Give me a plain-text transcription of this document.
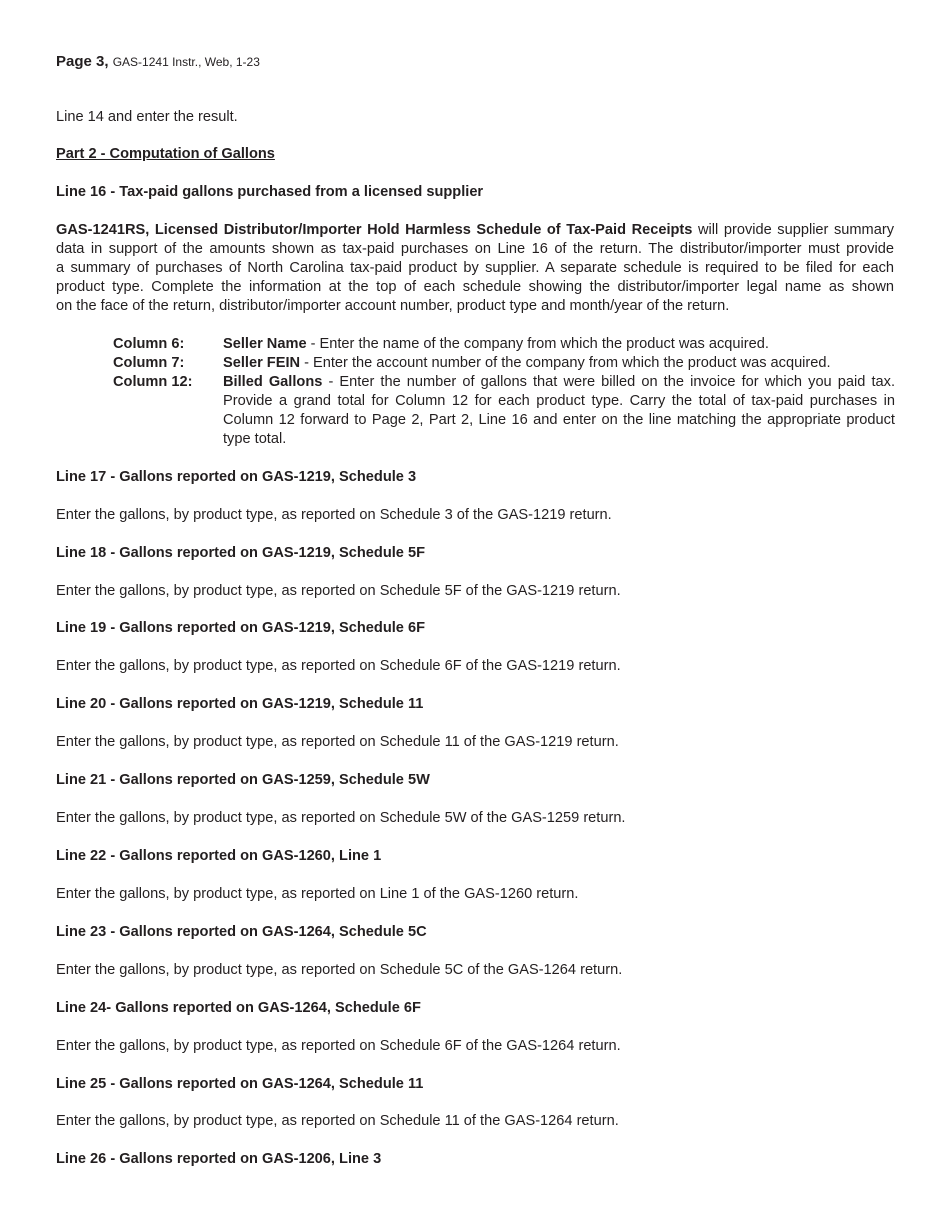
Page 3, GAS-1241 Instr., Web, 1-23
Line 14 and enter the result.
Part 2 - Computation of Gallons
Line 16 - Tax-paid gallons purchased from a licensed supplier
GAS-1241RS, Licensed Distributor/Importer Hold Harmless Schedule of Tax-Paid Receipts will provide supplier summary
data in support of the amounts shown as tax-paid purchases on Line 16 of the return. The distributor/importer must provide
a summary of purchases of North Carolina tax-paid product by supplier. A separate schedule is required to be filed for each
product type. Complete the information at the top of each schedule showing the distributor/importer legal name as shown
on the face of the return, distributor/importer account number, product type and month/year of the return.
Column 6:	Seller Name - Enter the name of the company from which the product was acquired.
Column 7:	Seller FEIN - Enter the account number of the company from which the product was acquired.
Column 12: Billed Gallons - Enter the number of gallons that were billed on the invoice for which you paid tax.
Provide a grand total for Column 12 for each product type. Carry the total of tax-paid purchases in
Column 12 forward to Page 2, Part 2, Line 16 and enter on the line matching the appropriate product
type total.
Line 17 - Gallons reported on GAS-1219, Schedule 3
Enter the gallons, by product type, as reported on Schedule 3 of the GAS-1219 return.
Line 18 - Gallons reported on GAS-1219, Schedule 5F
Enter the gallons, by product type, as reported on Schedule 5F of the GAS-1219 return.
Line 19 - Gallons reported on GAS-1219, Schedule 6F
Enter the gallons, by product type, as reported on Schedule 6F of the GAS-1219 return.
Line 20 - Gallons reported on GAS-1219, Schedule 11
Enter the gallons, by product type, as reported on Schedule 11 of the GAS-1219 return.
Line 21 - Gallons reported on GAS-1259, Schedule 5W
Enter the gallons, by product type, as reported on Schedule 5W of the GAS-1259 return.
Line 22 - Gallons reported on GAS-1260, Line 1
Enter the gallons, by product type, as reported on Line 1 of the GAS-1260 return.
Line 23 - Gallons reported on GAS-1264, Schedule 5C
Enter the gallons, by product type, as reported on Schedule 5C of the GAS-1264 return.
Line 24- Gallons reported on GAS-1264, Schedule 6F
Enter the gallons, by product type, as reported on Schedule 6F of the GAS-1264 return.
Line 25 - Gallons reported on GAS-1264, Schedule 11
Enter the gallons, by product type, as reported on Schedule 11 of the GAS-1264 return.
Line 26 - Gallons reported on GAS-1206, Line 3
